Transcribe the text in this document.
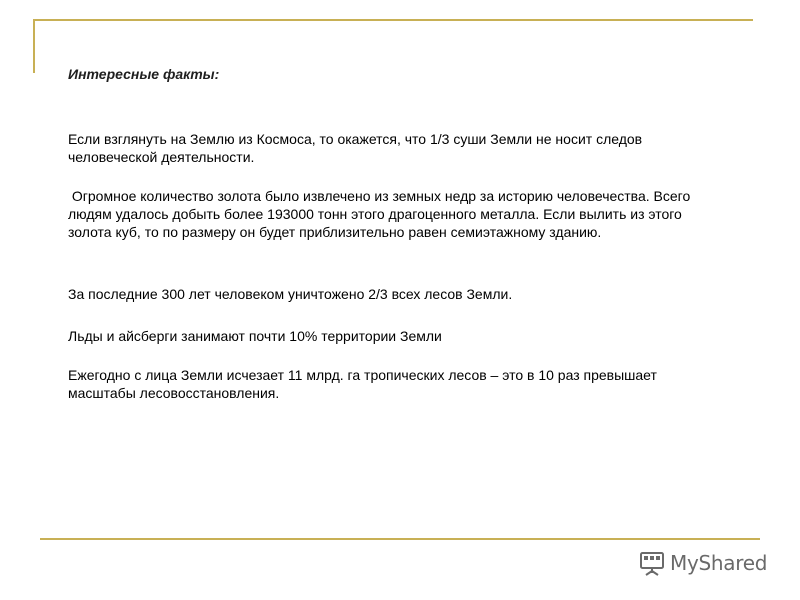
Интересные факты:

Если взглянуть на Землю из Космоса, то окажется, что 1/3 суши Земли не носит следов человеческой деятельности.

Огромное количество золота было извлечено из земных недр за историю человечества. Всего людям удалось добыть более 193000 тонн этого драгоценного металла. Если вылить из этого золота куб, то по размеру он будет приблизительно равен семиэтажному зданию.

За последние 300 лет человеком уничтожено 2/3 всех лесов Земли.

Льды и айсберги занимают почти 10% территории Земли

Ежегодно с лица Земли исчезает 11 млрд. га тропических лесов – это в 10 раз превышает масштабы лесовосстановления.

MyShared
